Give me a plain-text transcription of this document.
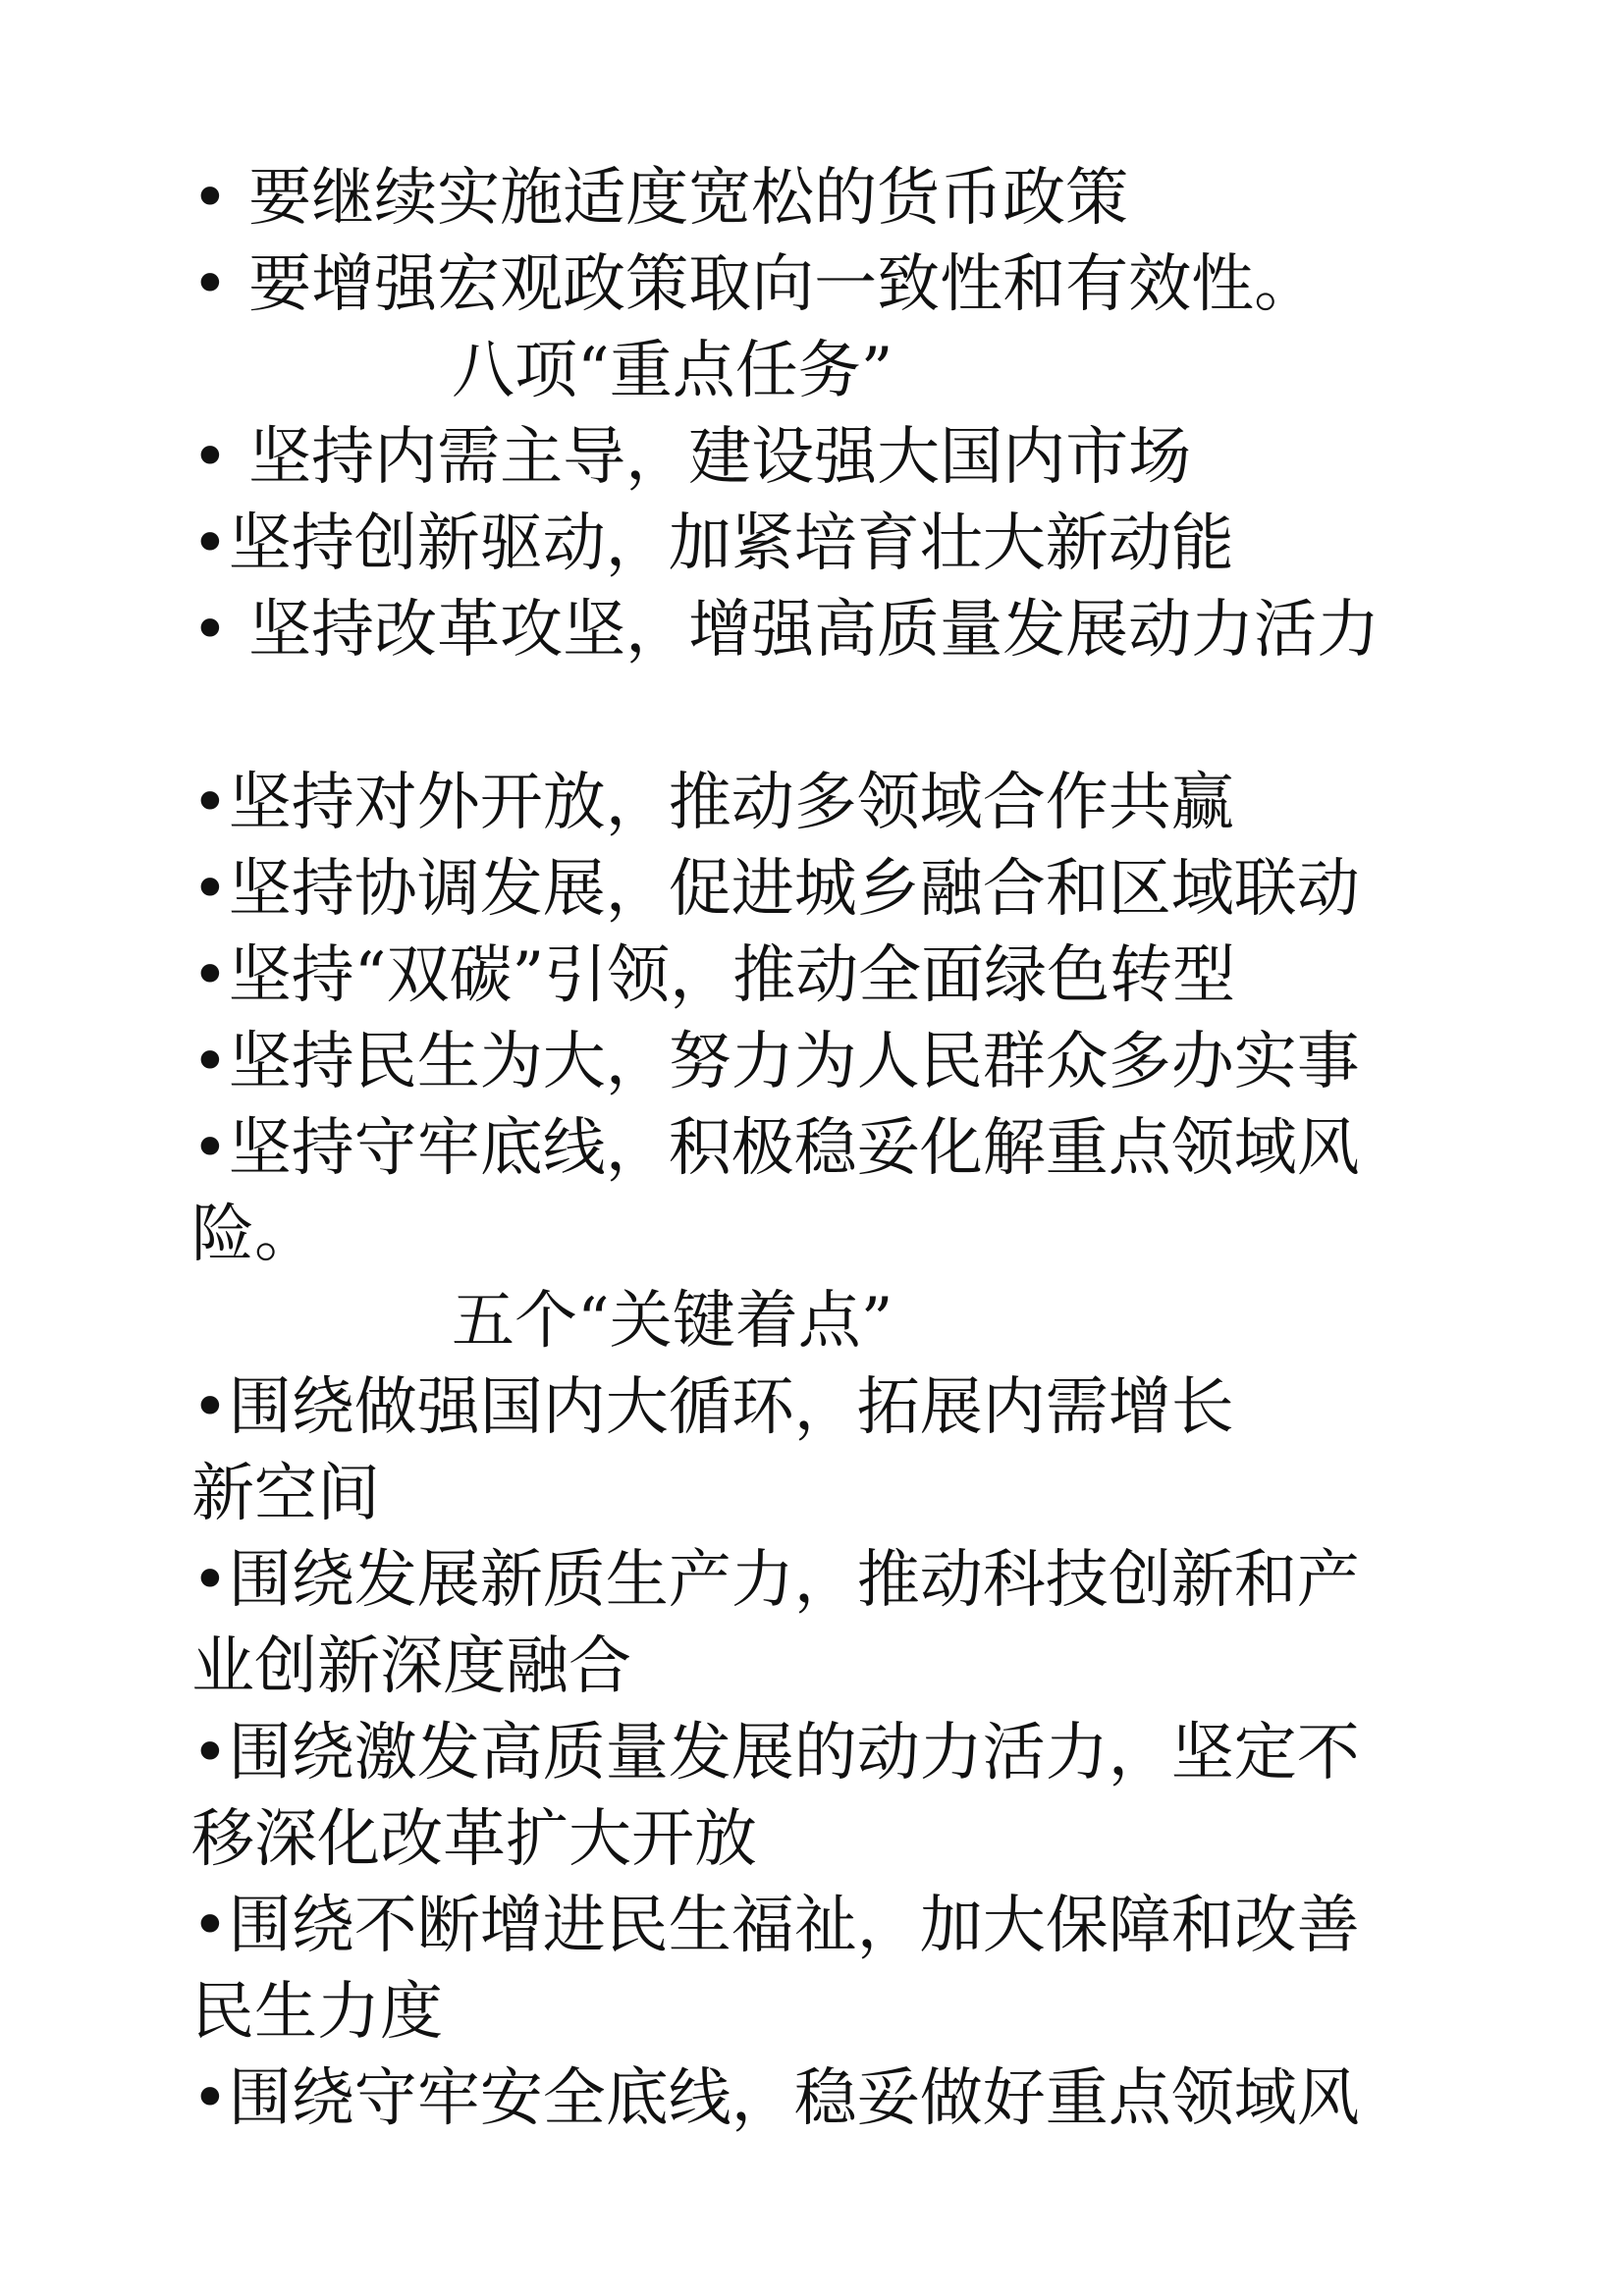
• 要继续实施适度宽松的货币政策

• 要增强宏观政策取向一致性和有效性。

八项“重点任务”

• 坚持内需主导，建设强大国内市场

•坚持创新驱动，加紧培育壮大新动能

• 坚持改革攻坚，增强高质量发展动力活力

•坚持对外开放，推动多领域合作共赢

•坚持协调发展，促进城乡融合和区域联动

•坚持“双碳”引领，推动全面绿色转型

•坚持民生为大，努力为人民群众多办实事

•坚持守牢底线，积极稳妥化解重点领域风险。

五个“关键着点”

•围绕做强国内大循环，拓展内需增长新空间

•围绕发展新质生产力，推动科技创新和产业创新深度融合

•围绕激发高质量发展的动力活力，坚定不移深化改革扩大开放

•围绕不断增进民生福祉，加大保障和改善民生力度

•围绕守牢安全底线，稳妥做好重点领域风
